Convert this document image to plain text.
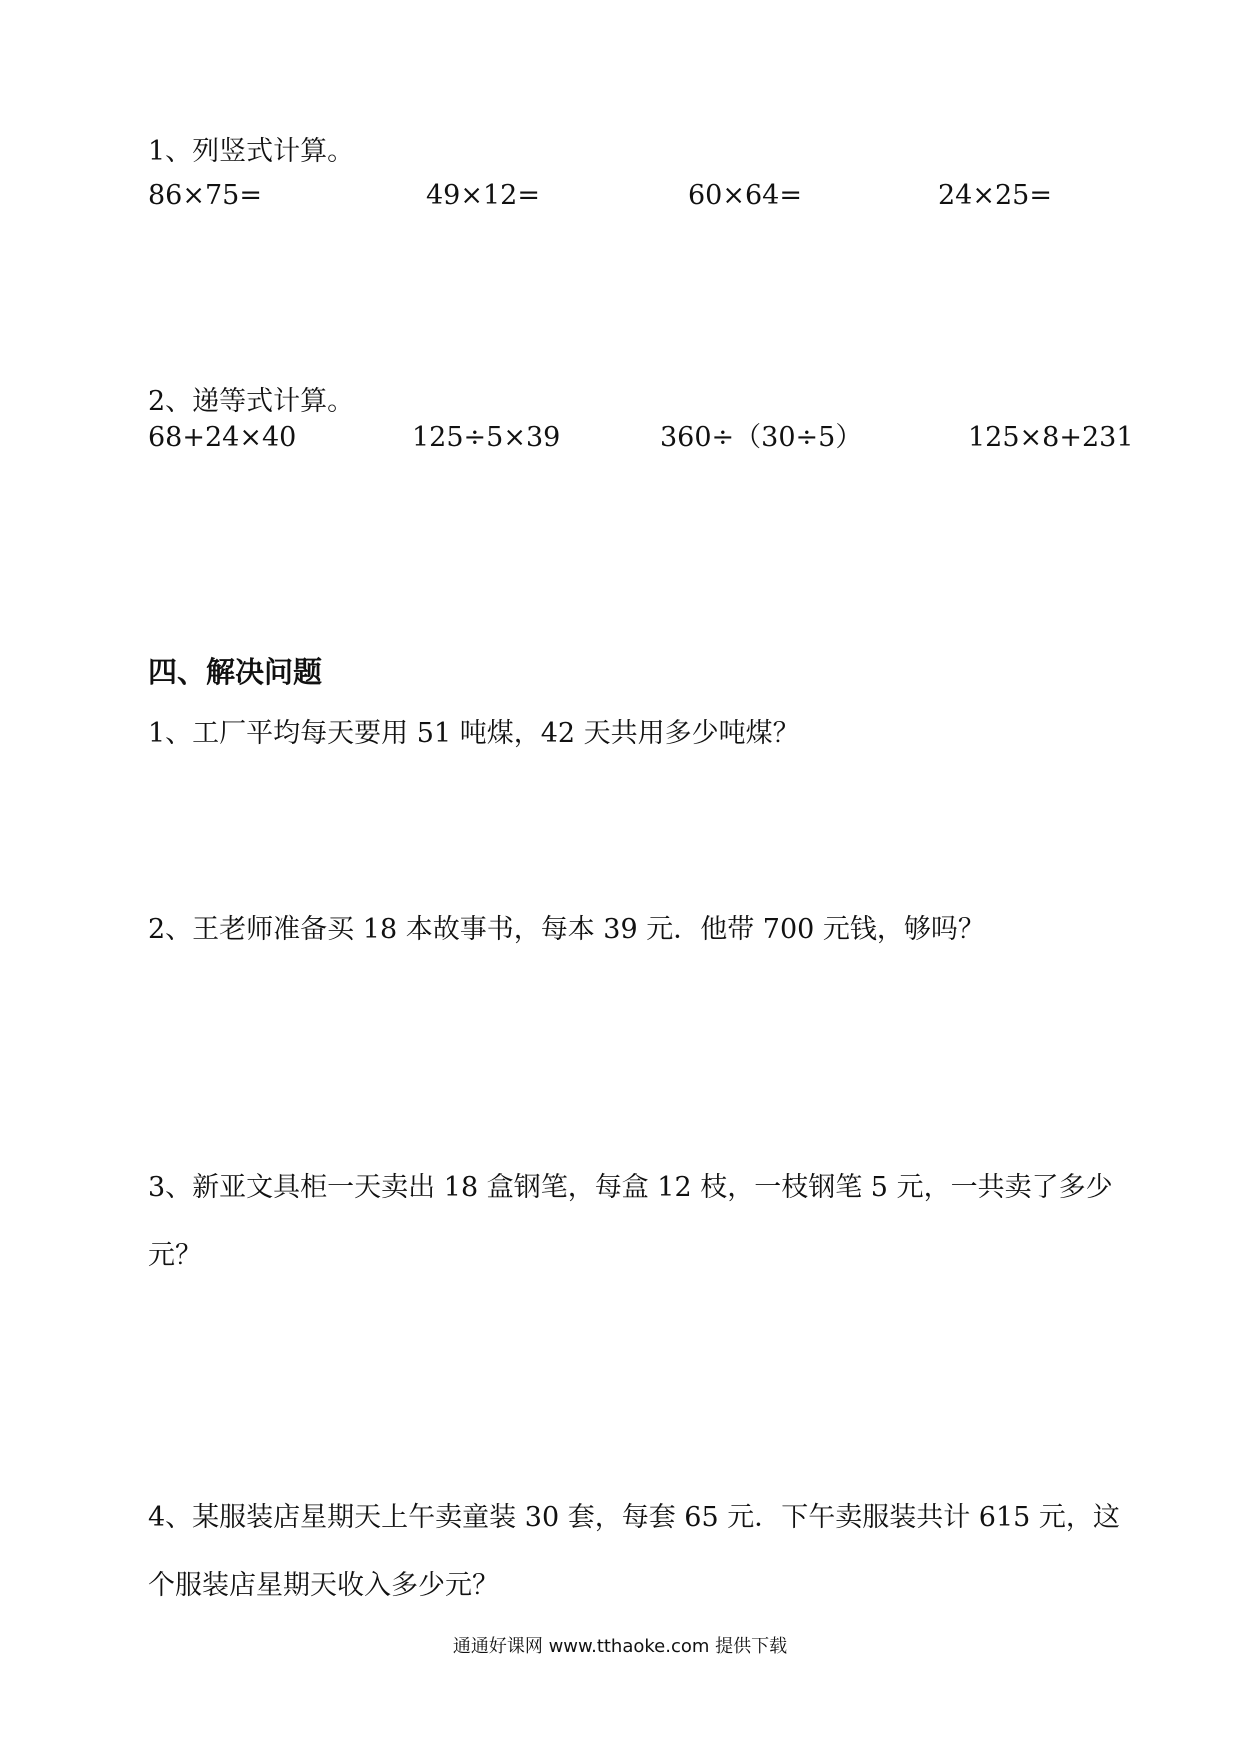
1、列竖式计算。
86×75=	49×12=	60×64=	24×25=
2、递等式计算。
68+24×40	125÷5×39	360÷（30÷5）	125×8+231
四、解决问题
1、工厂平均每天要用 51 吨煤，42 天共用多少吨煤？
2、王老师准备买 18 本故事书，每本 39 元．他带 700 元钱，够吗？
3、新亚文具柜一天卖出 18 盒钢笔，每盒 12 枝，一枝钢笔 5 元，一共卖了多少
元？
4、某服装店星期天上午卖童装 30 套，每套 65 元．下午卖服装共计 615 元，这
个服装店星期天收入多少元？
通通好课网 www.tthaoke.com 提供下载
